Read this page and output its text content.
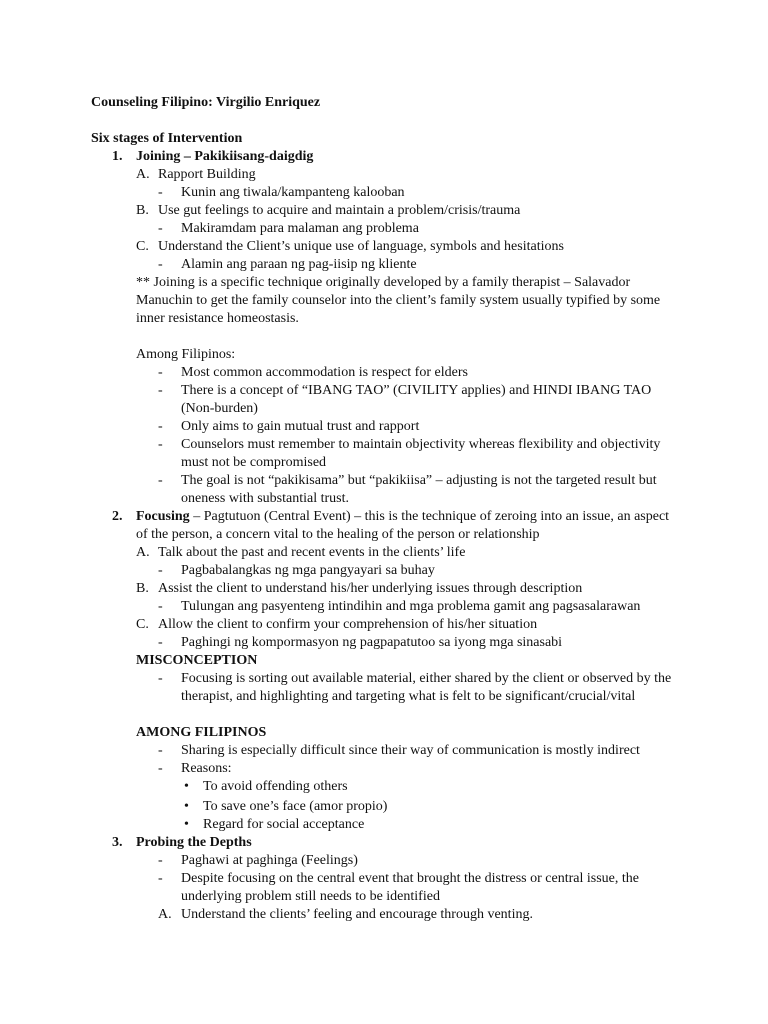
Counseling Filipino: Virgilio Enriquez
Six stages of Intervention
1. Joining – Pakikiisang-daigdig
A. Rapport Building
- Kunin ang tiwala/kampanteng kalooban
B. Use gut feelings to acquire and maintain a problem/crisis/trauma
- Makiramdam para malaman ang problema
C. Understand the Client’s unique use of language, symbols and hesitations
- Alamin ang paraan ng pag-iisip ng kliente
** Joining is a specific technique originally developed by a family therapist – Salavador Manuchin to get the family counselor into the client’s family system usually typified by some inner resistance homeostasis.
Among Filipinos:
- Most common accommodation is respect for elders
- There is a concept of “IBANG TAO” (CIVILITY applies) and HINDI IBANG TAO (Non-burden)
- Only aims to gain mutual trust and rapport
- Counselors must remember to maintain objectivity whereas flexibility and objectivity must not be compromised
- The goal is not “pakikisama” but “pakikiisa” – adjusting is not the targeted result but oneness with substantial trust.
2. Focusing – Pagtutuon (Central Event) – this is the technique of zeroing into an issue, an aspect of the person, a concern vital to the healing of the person or relationship
A. Talk about the past and recent events in the clients’ life
- Pagbabalangkas ng mga pangyayari sa buhay
B. Assist the client to understand his/her underlying issues through description
- Tulungan ang pasyenteng intindihin and mga problema gamit ang pagsasalarawan
C. Allow the client to confirm your comprehension of his/her situation
- Paghingi ng kompormasyon ng pagpapatutoo sa iyong mga sinasabi
MISCONCEPTION
- Focusing is sorting out available material, either shared by the client or observed by the therapist, and highlighting and targeting what is felt to be significant/crucial/vital
AMONG FILIPINOS
- Sharing is especially difficult since their way of communication is mostly indirect
- Reasons:
• To avoid offending others
• To save one’s face (amor propio)
• Regard for social acceptance
3. Probing the Depths
- Paghawi at paghinga (Feelings)
- Despite focusing on the central event that brought the distress or central issue, the underlying problem still needs to be identified
A. Understand the clients’ feeling and encourage through venting.
